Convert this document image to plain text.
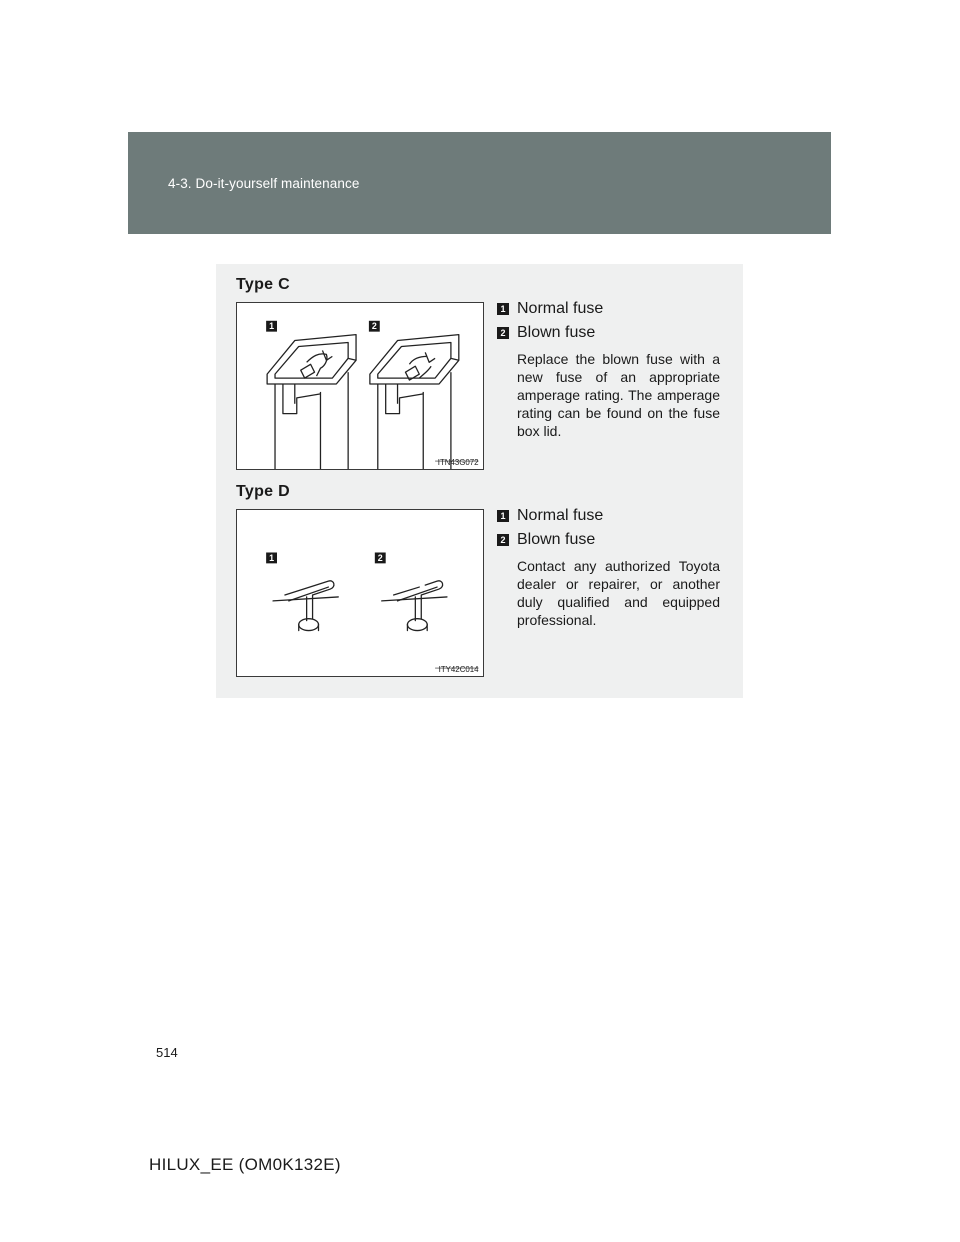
4-3. Do-it-yourself maintenance
Type C
1	2
ITN43G072
1 Normal fuse
2 Blown fuse
Replace the blown fuse with a new fuse of an appropriate amperage rating. The amperage rating can be found on the fuse box lid.
Type D
1	2
ITY42C014
1 Normal fuse
2 Blown fuse
Contact any authorized Toyota dealer or repairer, or another duly qualified and equipped professional.
514
HILUX_EE (OM0K132E)
